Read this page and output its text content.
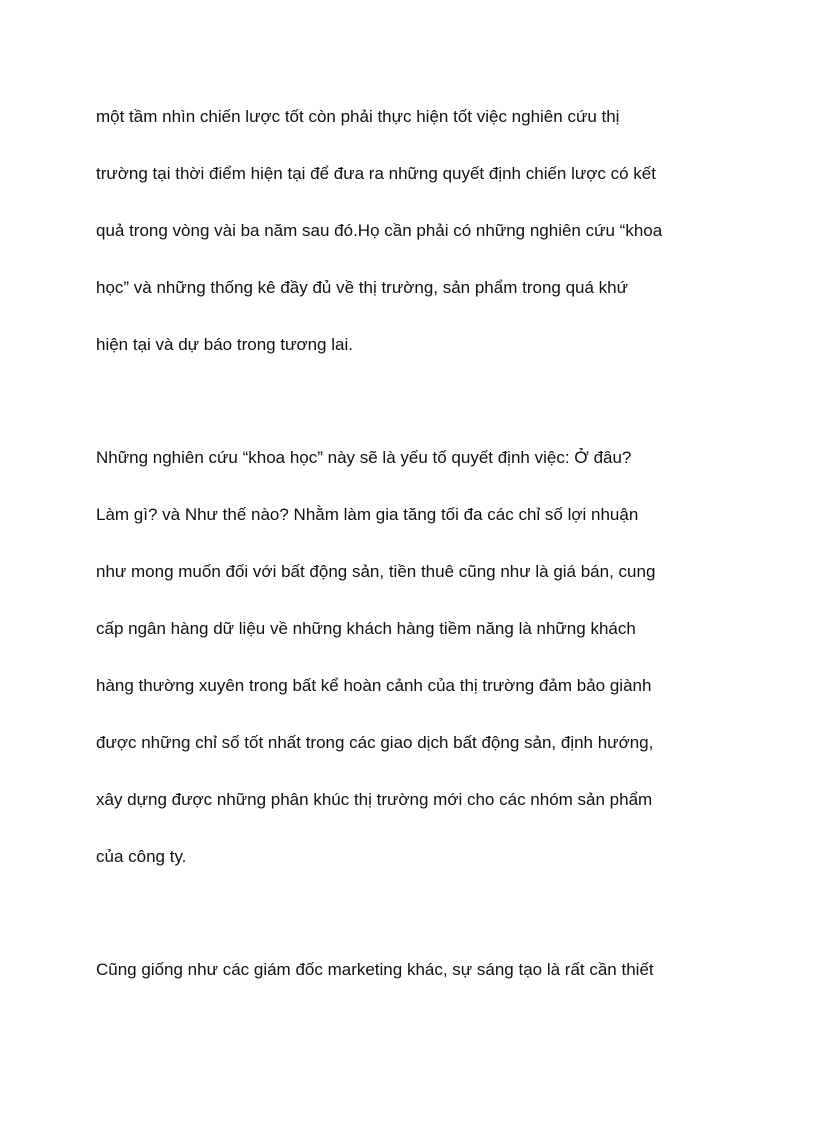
một tầm nhìn chiến lược tốt còn phải thực hiện tốt việc nghiên cứu thị
trường tại thời điểm hiện tại để đưa ra những quyết định chiến lược có kết
quả trong vòng vài ba năm sau đó.Họ cần phải có những nghiên cứu “khoa
học” và những thống kê đầy đủ về thị trường, sản phẩm trong quá khứ
hiện tại và dự báo trong tương lai.
Những nghiên cứu “khoa học” này sẽ là yếu tố quyết định việc: Ở đâu?
Làm gì? và Như thế nào? Nhằm làm gia tăng tối đa các chỉ số lợi nhuận
như mong muốn đối với bất động sản, tiền thuê cũng như là giá bán, cung
cấp ngân hàng dữ liệu về những khách hàng tiềm năng là những khách
hàng thường xuyên trong bất kể hoàn cảnh của thị trường đảm bảo giành
được những chỉ số tốt nhất trong các giao dịch bất động sản, định hướng,
xây dựng được những phân khúc thị trường mới cho các nhóm sản phẩm
của công ty.
Cũng giống như các giám đốc marketing khác, sự sáng tạo là rất cần thiết
